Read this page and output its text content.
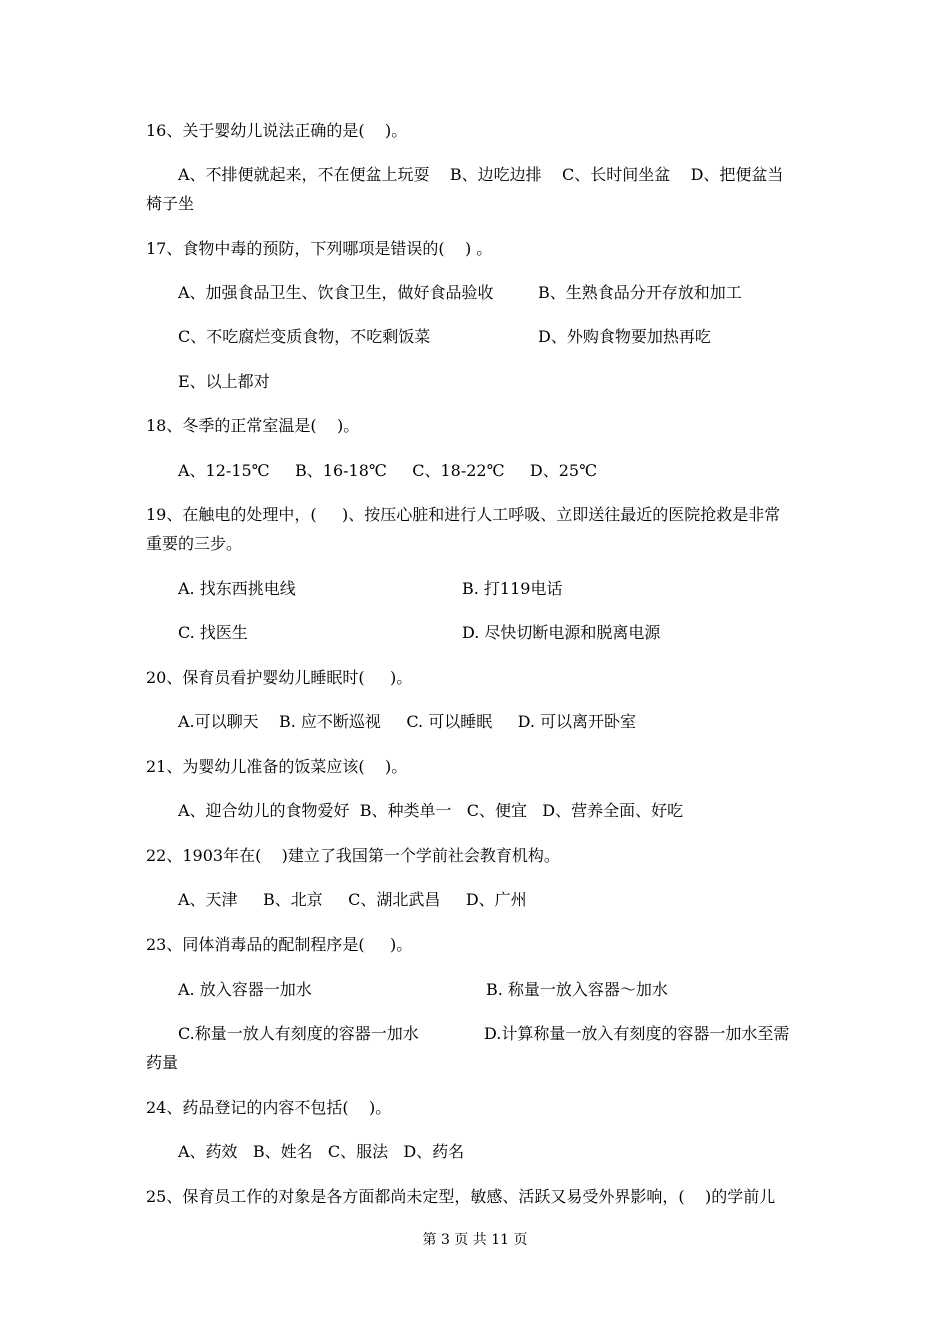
16、关于婴幼儿说法正确的是(    )。
A、不排便就起来，不在便盆上玩耍    B、边吃边排    C、长时间坐盆    D、把便盆当
椅子坐
17、食物中毒的预防，下列哪项是错误的(    ) 。
A、加强食品卫生、饮食卫生，做好食品验收	B、生熟食品分开存放和加工
C、不吃腐烂变质食物，不吃剩饭菜	D、外购食物要加热再吃
E、以上都对
18、冬季的正常室温是(    )。
A、12-15℃     B、16-18℃     C、18-22℃     D、25℃
19、在触电的处理中，(     )、按压心脏和进行人工呼吸、立即送往最近的医院抢救是非常
重要的三步。
A. 找东西挑电线	B. 打119电话
C. 找医生	D. 尽快切断电源和脱离电源
20、保育员看护婴幼儿睡眠时(     )。
A.可以聊天    B. 应不断巡视     C. 可以睡眠     D. 可以离开卧室
21、为婴幼儿准备的饭菜应该(    )。
A、迎合幼儿的食物爱好  B、种类单一   C、便宜   D、营养全面、好吃
22、1903年在(    )建立了我国第一个学前社会教育机构。
A、天津     B、北京     C、湖北武昌     D、广州
23、同体消毒品的配制程序是(     )。
A. 放入容器一加水	B. 称量一放入容器～加水
C.称量一放人有刻度的容器一加水	D.计算称量一放入有刻度的容器一加水至需
药量
24、药品登记的内容不包括(    )。
A、药效   B、姓名   C、服法   D、药名
25、保育员工作的对象是各方面都尚未定型，敏感、活跃又易受外界影响，(    )的学前儿
第 3 页 共 11 页
